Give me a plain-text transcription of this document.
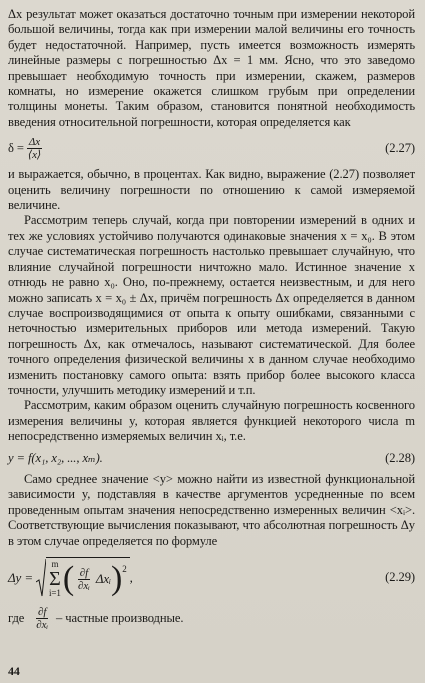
Δx результат может оказаться достаточно точным при измерении некоторой большой величины, тогда как при измерении малой величины его точность будет недостаточной. Например, пусть имеется возможность измерять линейные размеры с погрешностью Δx = 1 мм. Ясно, что это заведомо превышает необходимую точность при измерении, скажем, размеров комнаты, но измерение окажется слишком грубым при определении толщины монеты. Таким образом, становится понятной необходимость введения относительной погрешности, которая определяется как

$\delta = \frac{\Delta x}{⟨x⟩}$	(2.27)

и выражается, обычно, в процентах. Как видно, выражение (2.27) позволяет оценить величину погрешности по отношению к самой измеряемой величине.

Рассмотрим теперь случай, когда при повторении измерений в одних и тех же условиях устойчиво получаются одинаковые значения x = x₀. В этом случае систематическая погрешность настолько превышает случайную, что влияние случайной погрешности ничтожно мало. Истинное значение x отнюдь не равно x₀. Оно, по-прежнему, остается неизвестным, и для него можно записать x = x₀ ± Δx, причём погрешность Δx определяется в данном случае воспроизводящимися от опыта к опыту ошибками, связанными с неточностью измерительных приборов или метода измерений. Такую погрешность Δx, как отмечалось, называют систематической. Для более точного определения физической величины x в данном случае необходимо изменить постановку самого опыта: взять прибор более высокого класса точности, улучшить методику измерений и т.п.

Рассмотрим, каким образом оценить случайную погрешность косвенного измерения величины y, которая является функцией некоторого числа m непосредственно измеряемых величин xᵢ, т.е.

y = f(x₁, x₂, ..., xₘ).	(2.28)

Само среднее значение <y> можно найти из известной функциональной зависимости y, подставляя в качестве аргументов усредненные по всем проведенным опытам значения непосредственно измеренных величин <xᵢ>. Соответствующие вычисления показывают, что абсолютная погрешность Δy в этом случае определяется по формуле

Δy =
m
Σ
i=1 ( $\frac{\partial f}{\text{∂xᵢ}}$ Δxᵢ )$^2$
,	(2.29)
где $\frac{\partial f}{\text{∂xᵢ}}$ – частные производные.
44
